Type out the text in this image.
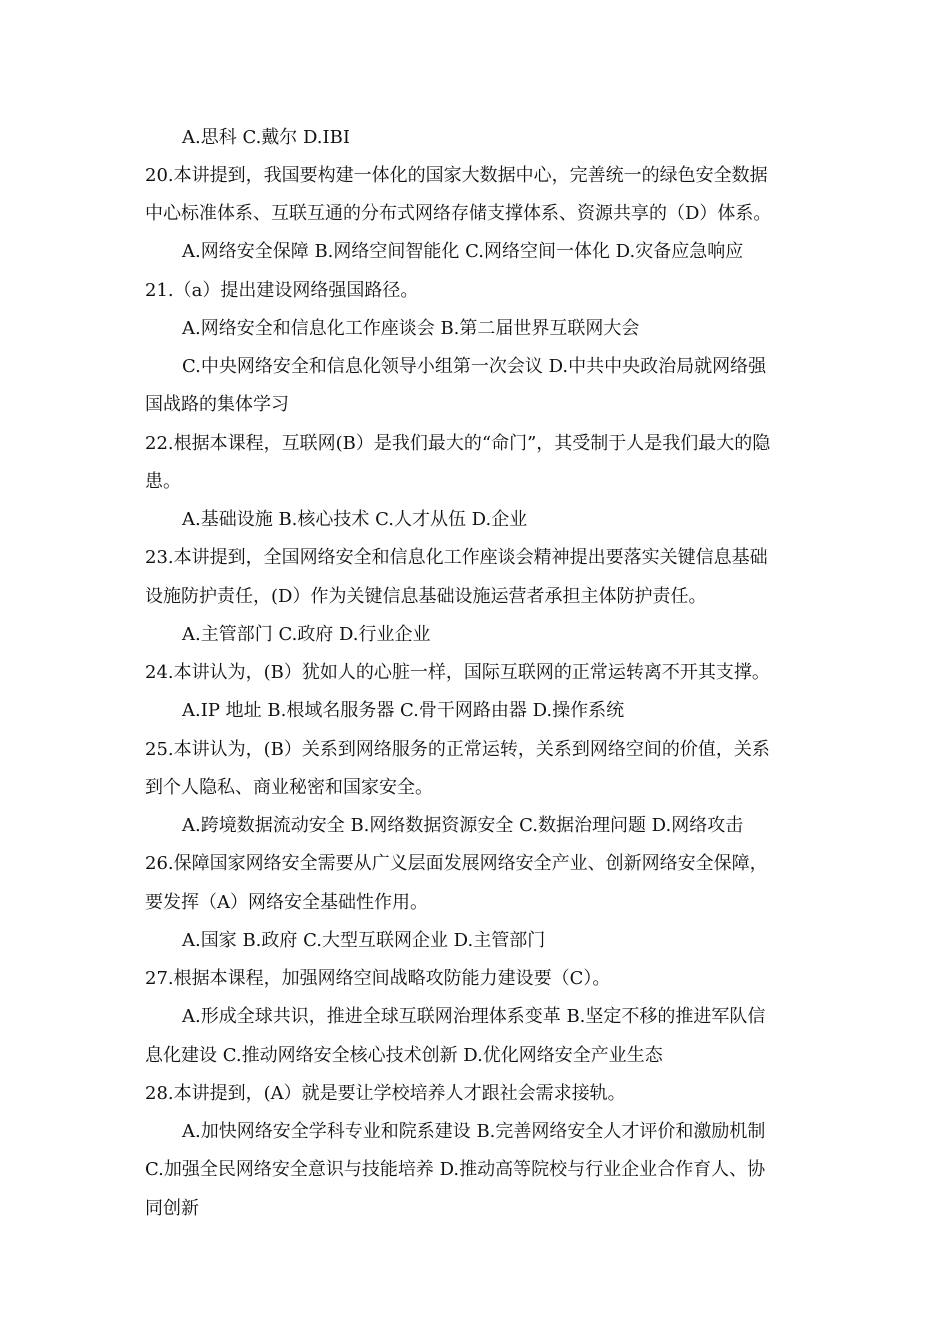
A.思科 C.戴尔 D.IBI
20.本讲提到，我国要构建一体化的国家大数据中心，完善统一的绿色安全数据
中心标准体系、互联互通的分布式网络存储支撑体系、资源共享的（D）体系。
A.网络安全保障 B.网络空间智能化 C.网络空间一体化 D.灾备应急响应
21.（a）提出建设网络强国路径。
A.网络安全和信息化工作座谈会 B.第二届世界互联网大会
C.中央网络安全和信息化领导小组第一次会议 D.中共中央政治局就网络强
国战路的集体学习
22.根据本课程，互联网(B）是我们最大的“命门”，其受制于人是我们最大的隐
患。
A.基础设施 B.核心技术 C.人才从伍 D.企业
23.本讲提到，全国网络安全和信息化工作座谈会精神提出要落实关键信息基础
设施防护责任，(D）作为关键信息基础设施运营者承担主体防护责任。
A.主管部门 C.政府 D.行业企业
24.本讲认为，(B）犹如人的心脏一样，国际互联网的正常运转离不开其支撑。
A.IP 地址 B.根域名服务器 C.骨干网路由器 D.操作系统
25.本讲认为，(B）关系到网络服务的正常运转，关系到网络空间的价值，关系
到个人隐私、商业秘密和国家安全。
A.跨境数据流动安全 B.网络数据资源安全 C.数据治理问题 D.网络攻击
26.保障国家网络安全需要从广义层面发展网络安全产业、创新网络安全保障，
要发挥（A）网络安全基础性作用。
A.国家 B.政府 C.大型互联网企业 D.主管部门
27.根据本课程，加强网络空间战略攻防能力建设要（C）。
A.形成全球共识，推进全球互联网治理体系变革 B.坚定不移的推进军队信
息化建设 C.推动网络安全核心技术创新 D.优化网络安全产业生态
28.本讲提到，(A）就是要让学校培养人才跟社会需求接轨。
A.加快网络安全学科专业和院系建设 B.完善网络安全人才评价和激励机制
C.加强全民网络安全意识与技能培养 D.推动高等院校与行业企业合作育人、协
同创新
